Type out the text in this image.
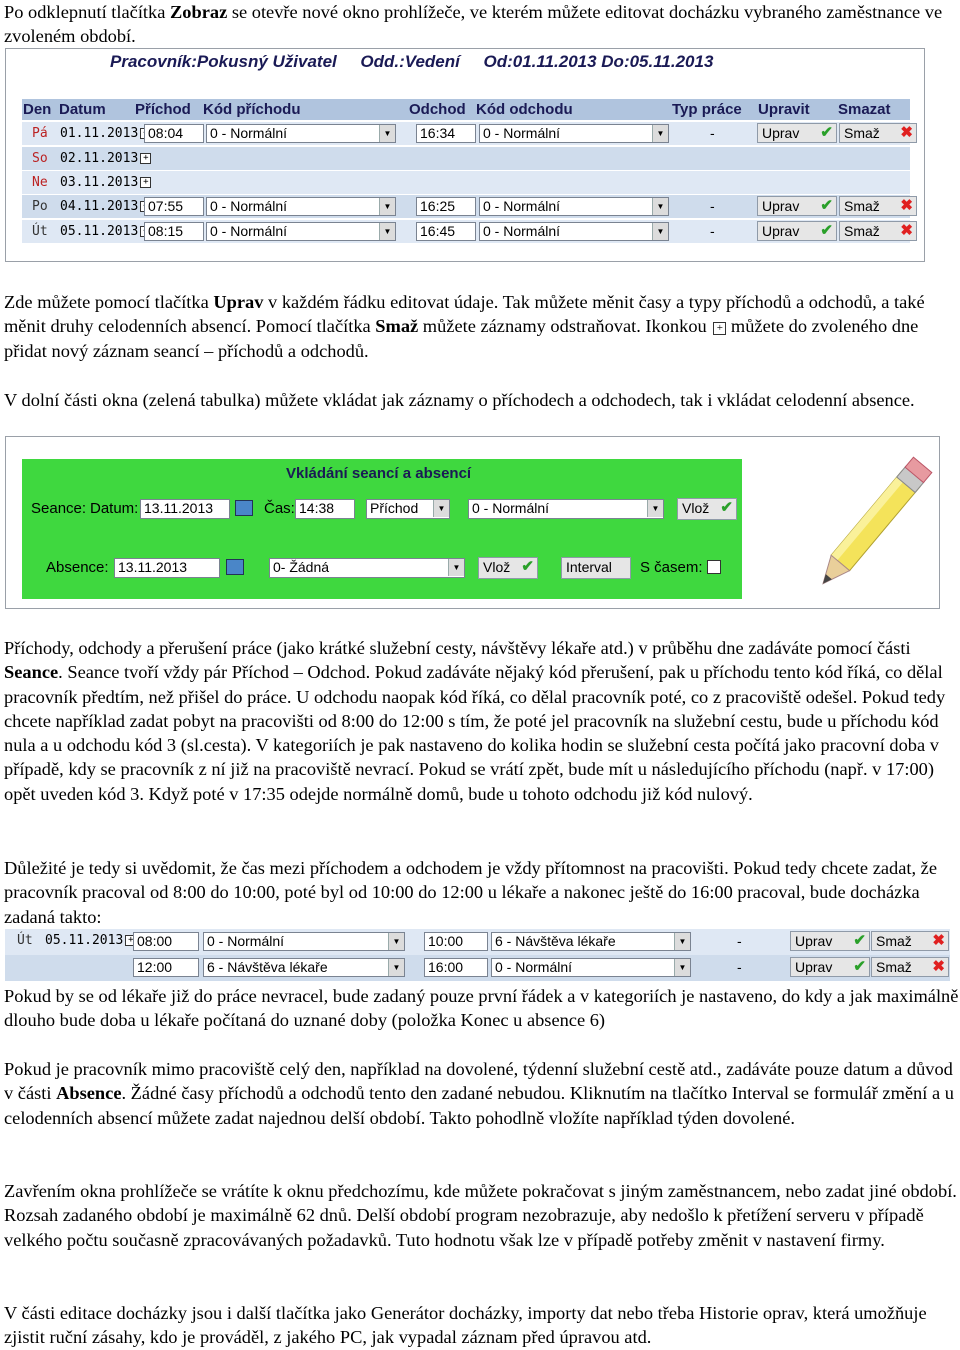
Po odklepnutí tlačítka Zobraz se otevře nové okno prohlížeče, ve kterém můžete editovat docházku vybraného zaměstnance ve zvoleném období.

Pracovník:Pokusný Uživatel     Odd.:Vedení     Od:01.11.2013 Do:05.11.2013
Den Datum Příchod Kód příchodu	Odchod Kód odchodu	Typ práce Upravit Smazat
Pá 01.11.2013 08:04	0 - Normální	▼ 16:34	0 - Normální	▼	-	Uprav ✔ Smaž ✖
So 02.11.2013 +
Ne 03.11.2013 +
Po 04.11.2013 07:55	0 - Normální	▼ 16:25	0 - Normální	▼	-	Uprav ✔ Smaž ✖
Út 05.11.2013 08:15	0 - Normální	▼ 16:45	0 - Normální	▼	-	Uprav ✔ Smaž ✖

Zde můžete pomocí tlačítka Uprav v každém řádku editovat údaje. Tak můžete měnit časy a typy příchodů a odchodů, a také měnit druhy celodenních absencí. Pomocí tlačítka Smaž můžete záznamy odstraňovat. Ikonkou + můžete do zvoleného dne přidat nový záznam seancí – příchodů a odchodů.

V dolní části okna (zelená tabulka) můžete vkládat jak záznamy o příchodech a odchodech, tak i vkládat celodenní absence.

Vkládání seancí a absencí
Seance: Datum: 13.11.2013	Čas: 14:38	Příchod	▼ 0 - Normální	▼	Vlož ✔
Absence: 13.11.2013	0- Žádná	▼	Vlož ✔	Interval	S časem:

Příchody, odchody a přerušení práce (jako krátké služební cesty, návštěvy lékaře atd.) v průběhu dne zadáváte pomocí části Seance. Seance tvoří vždy pár Příchod – Odchod. Pokud zadáváte nějaký kód přerušení, pak u příchodu tento kód říká, co dělal pracovník předtím, než přišel do práce. U odchodu naopak kód říká, co dělal pracovník poté, co z pracoviště odešel. Pokud tedy chcete například zadat pobyt na pracovišti od 8:00 do 12:00 s tím, že poté jel pracovník na služební cestu, bude u příchodu kód nula a u odchodu kód 3 (sl.cesta). V kategoriích je pak nastaveno do kolika hodin se služební cesta počítá jako pracovní doba v případě, kdy se pracovník z ní již na pracoviště nevrací. Pokud se vrátí zpět, bude mít u následujícího příchodu (např. v 17:00) opět uveden kód 3. Když poté v 17:35 odejde normálně domů, bude u tohoto odchodu již kód nulový.

Důležité je tedy si uvědomit, že čas mezi příchodem a odchodem je vždy přítomnost na pracovišti. Pokud tedy chcete zadat, že pracovník pracoval od 8:00 do 10:00, poté byl od 10:00 do 12:00 u lékaře a nakonec ještě do 16:00 pracoval, bude docházka zadaná takto:

Út 05.11.2013 + 08:00	0 - Normální	▼ 10:00	6 - Návštěva lékaře	▼	-	Uprav ✔ Smaž ✖
12:00	6 - Návštěva lékaře	▼ 16:00	0 - Normální	▼	-	Uprav ✔ Smaž ✖

Pokud by se od lékaře již do práce nevracel, bude zadaný pouze první řádek a v kategoriích je nastaveno, do kdy a jak maximálně dlouho bude doba u lékaře počítaná do uznané doby (položka Konec u absence 6)

Pokud je pracovník mimo pracoviště celý den, například na dovolené, týdenní služební cestě atd., zadáváte pouze datum a důvod v části Absence. Žádné časy příchodů a odchodů tento den zadané nebudou. Kliknutím na tlačítko Interval se formulář změní a u celodenních absencí můžete zadat najednou delší období. Takto pohodlně vložíte například týden dovolené.

Zavřením okna prohlížeče se vrátíte k oknu předchozímu, kde můžete pokračovat s jiným zaměstnancem, nebo zadat jiné období. Rozsah zadaného období je maximálně 62 dnů. Delší období program nezobrazuje, aby nedošlo k přetížení serveru v případě velkého počtu současně zpracovávaných požadavků. Tuto hodnotu však lze v případě potřeby změnit v nastavení firmy.

V části editace docházky jsou i další tlačítka jako Generátor docházky, importy dat nebo třeba Historie oprav, která umožňuje zjistit ruční zásahy, kdo je prováděl, z jakého PC, jak vypadal záznam před úpravou atd.
